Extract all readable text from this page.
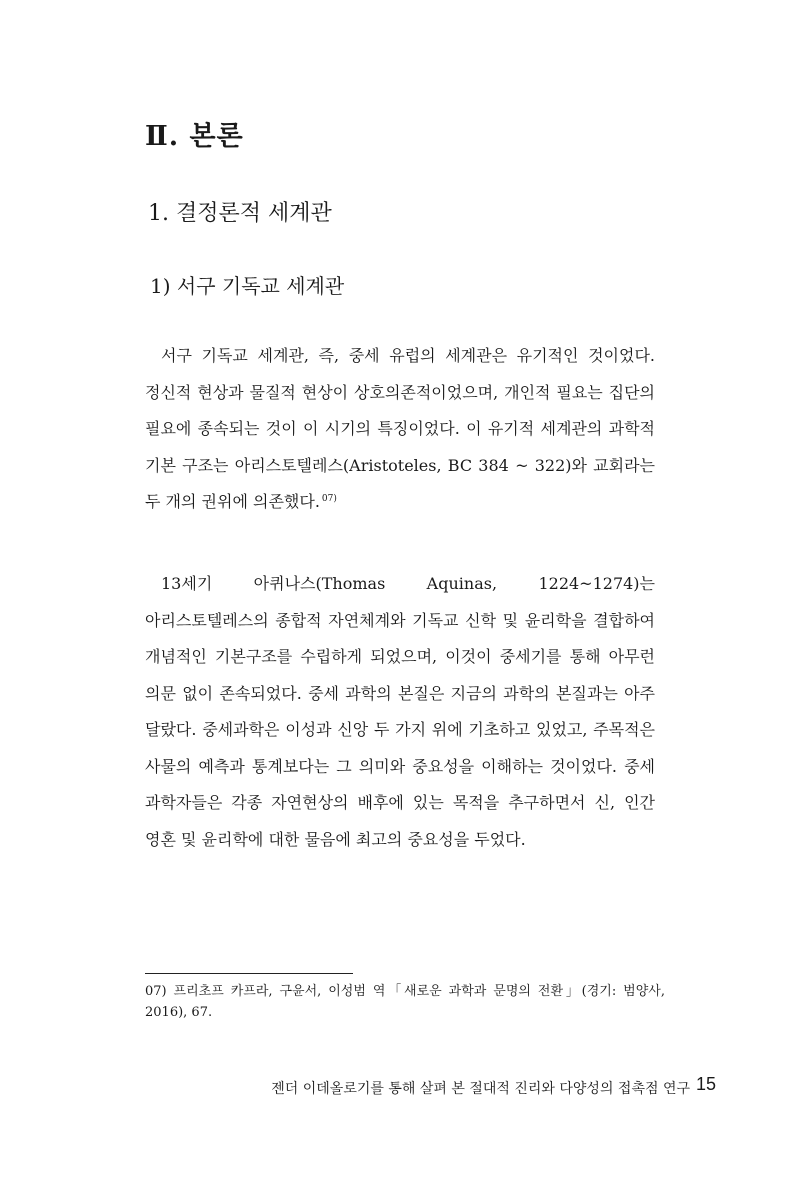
Ⅱ. 본론
1. 결정론적 세계관
1) 서구 기독교 세계관

서구 기독교 세계관, 즉, 중세 유럽의 세계관은 유기적인 것이었다. 정신적 현상과 물질적 현상이 상호의존적이었으며, 개인적 필요는 집단의 필요에 종속되는 것이 이 시기의 특징이었다. 이 유기적 세계관의 과학적 기본 구조는 아리스토텔레스(Aristoteles, BC 384 ~ 322)와 교회라는 두 개의 권위에 의존했다. $^{07)}$

13세기 아퀴나스(Thomas Aquinas, 1224~1274)는 아리스토텔레스의 종합적 자연체계와 기독교 신학 및 윤리학을 결합하여 개념적인 기본구조를 수립하게 되었으며, 이것이 중세기를 통해 아무런 의문 없이 존속되었다. 중세 과학의 본질은 지금의 과학의 본질과는 아주 달랐다. 중세과학은 이성과 신앙 두 가지 위에 기초하고 있었고, 주목적은 사물의 예측과 통계보다는 그 의미와 중요성을 이해하는 것이었다. 중세 과학자들은 각종 자연현상의 배후에 있는 목적을 추구하면서 신, 인간 영혼 및 윤리학에 대한 물음에 최고의 중요성을 두었다.

07) 프리초프 카프라, 구윤서, 이성범 역「새로운 과학과 문명의 전환」(경기: 범양사, 2016), 67.

젠더 이데올로기를 통해 살펴 본 절대적 진리와 다양성의 접촉점 연구 15
